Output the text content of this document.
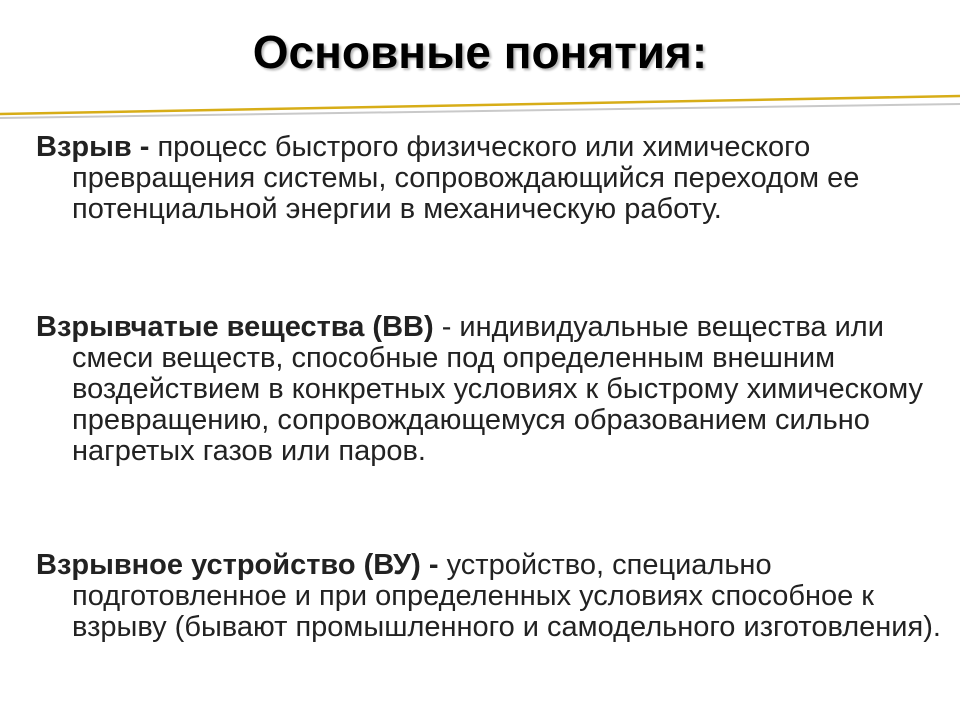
Основные понятия:

Взрыв - процесс быстрого физического или химического превращения системы, сопровождающийся переходом ее потенциальной энергии в механическую работу.

Взрывчатые вещества (ВВ) - индивидуальные вещества или смеси веществ, способные под определенным внешним воздействием в конкретных условиях к быстрому химическому превращению, сопровождающемуся образованием сильно нагретых газов или паров.

Взрывное устройство (ВУ) - устройство, специально подготовленное и при определенных условиях способное к взрыву (бывают промышленного и самодельного изготовления).
